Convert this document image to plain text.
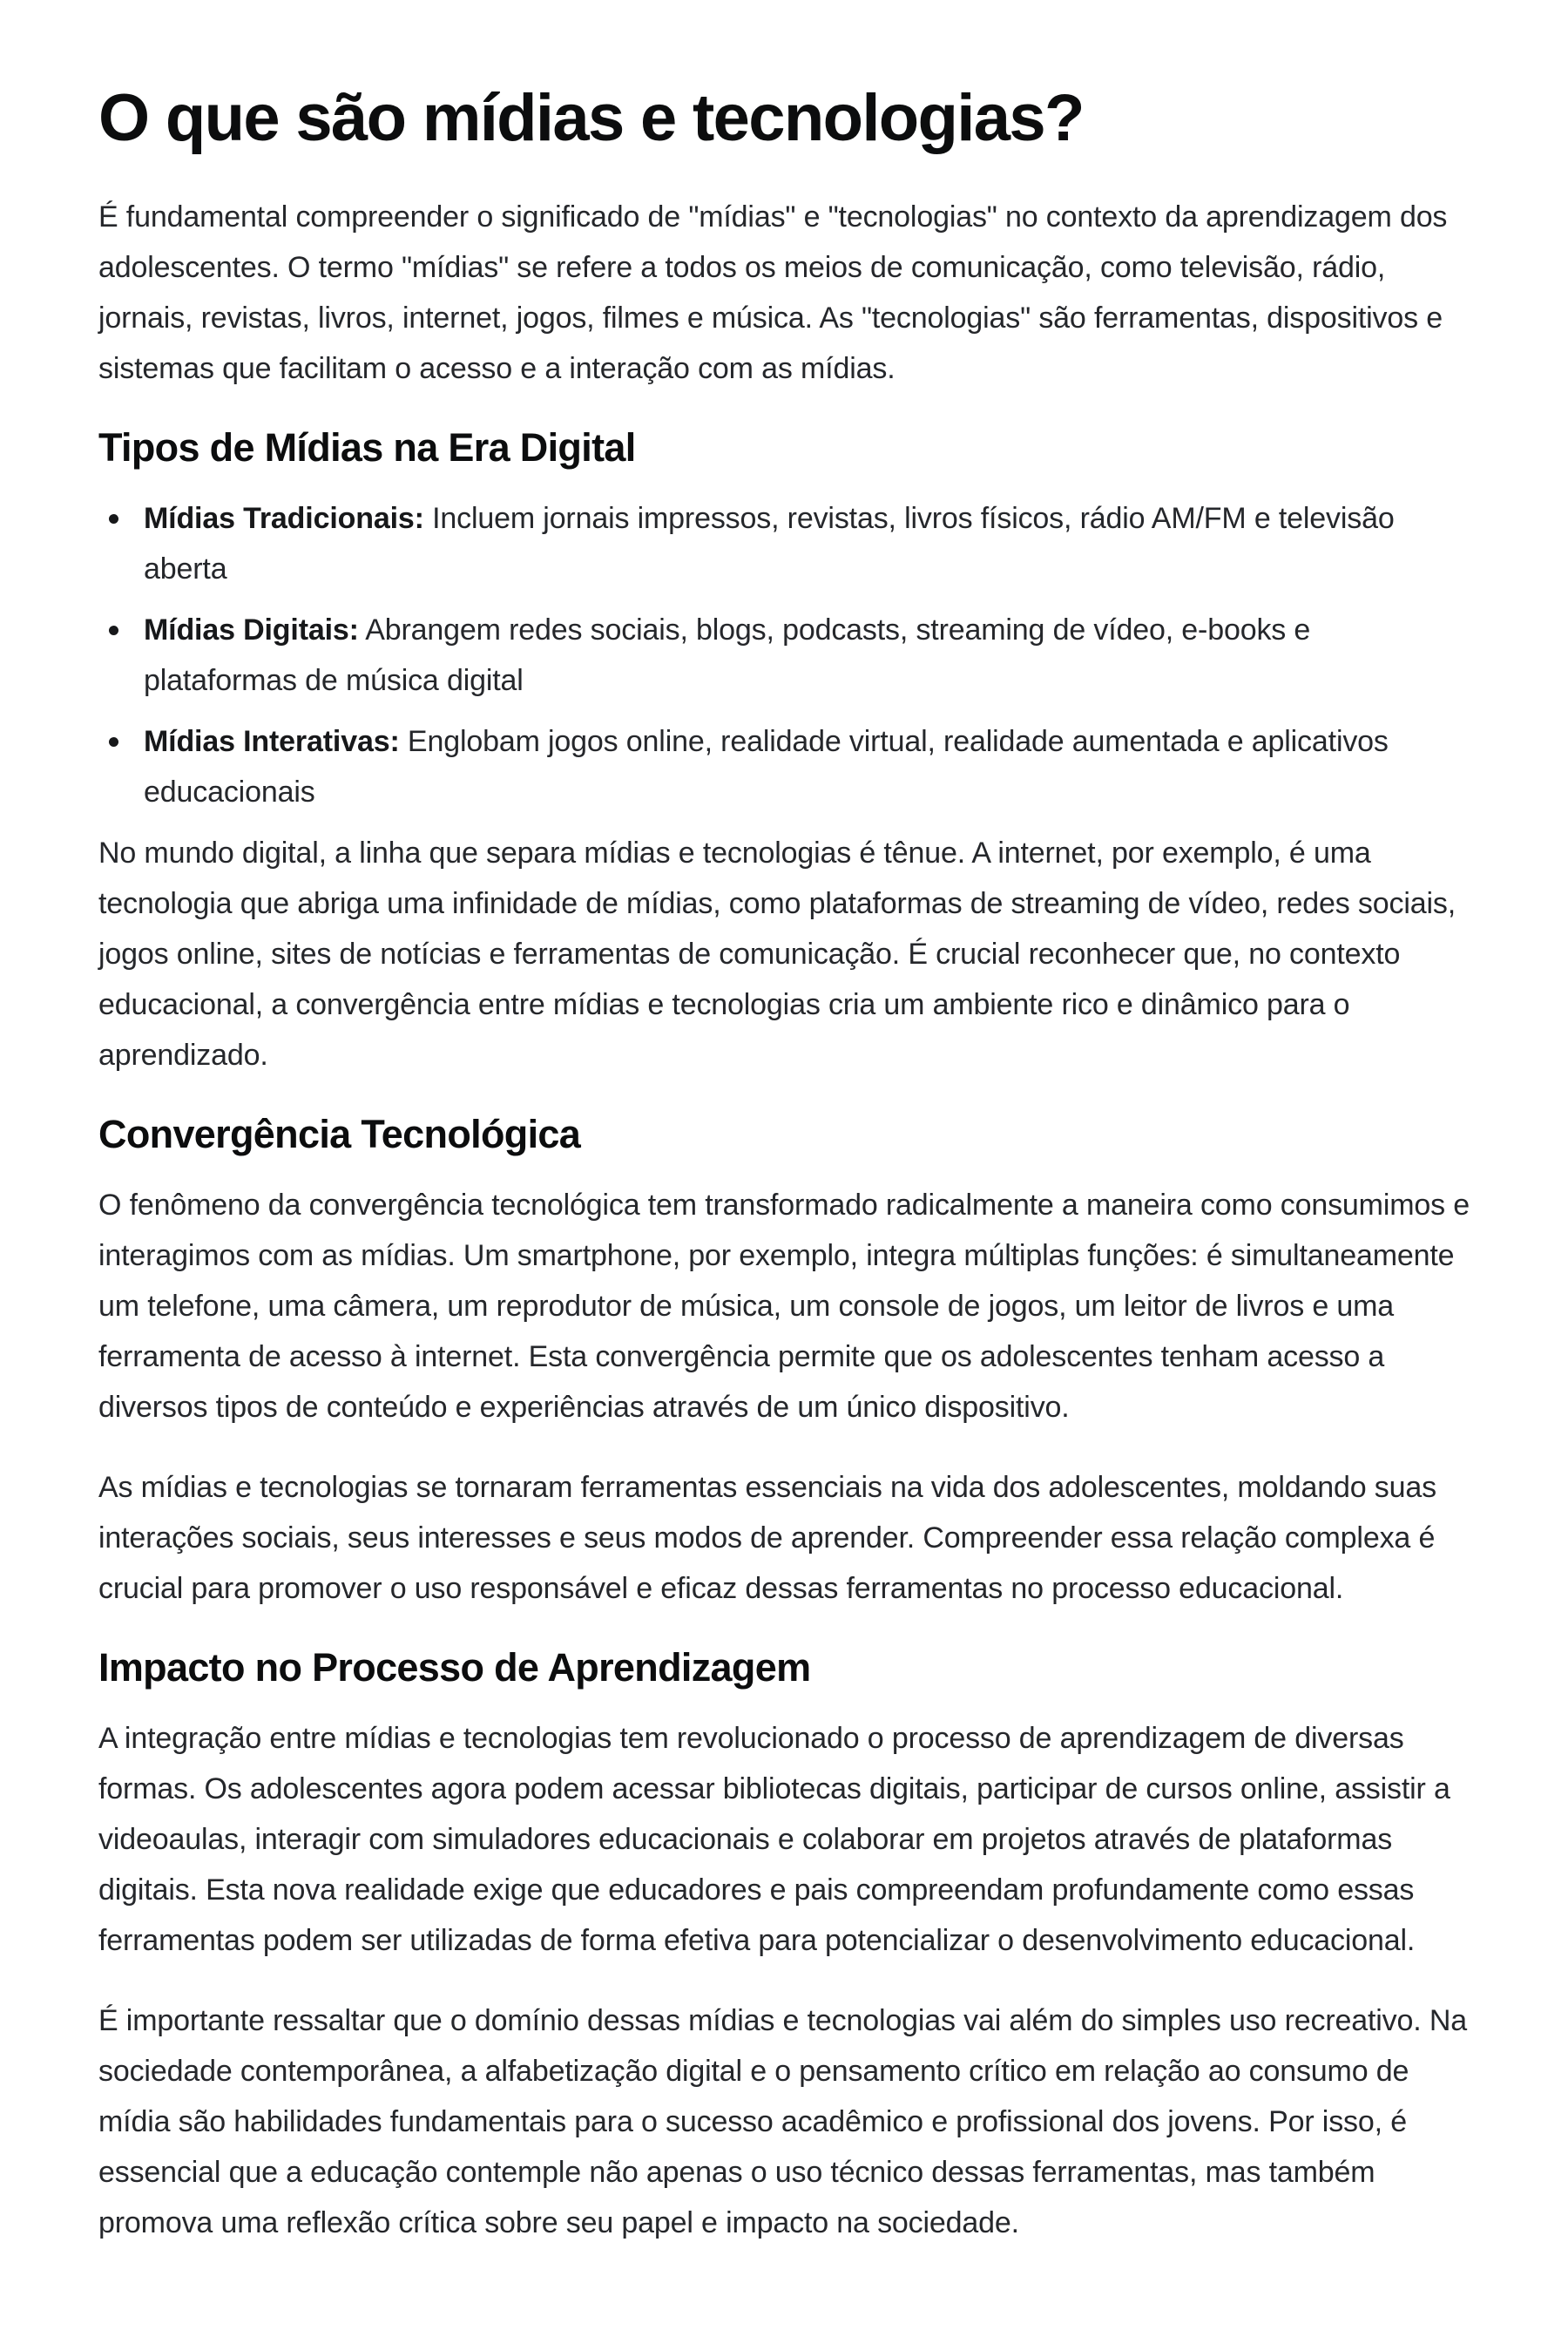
O que são mídias e tecnologias?

É fundamental compreender o significado de "mídias" e "tecnologias" no contexto da aprendizagem dos adolescentes. O termo "mídias" se refere a todos os meios de comunicação, como televisão, rádio, jornais, revistas, livros, internet, jogos, filmes e música. As "tecnologias" são ferramentas, dispositivos e sistemas que facilitam o acesso e a interação com as mídias.

Tipos de Mídias na Era Digital
Mídias Tradicionais: Incluem jornais impressos, revistas, livros físicos, rádio AM/FM e televisão aberta
Mídias Digitais: Abrangem redes sociais, blogs, podcasts, streaming de vídeo, e-books e plataformas de música digital
Mídias Interativas: Englobam jogos online, realidade virtual, realidade aumentada e aplicativos educacionais

No mundo digital, a linha que separa mídias e tecnologias é tênue. A internet, por exemplo, é uma tecnologia que abriga uma infinidade de mídias, como plataformas de streaming de vídeo, redes sociais, jogos online, sites de notícias e ferramentas de comunicação. É crucial reconhecer que, no contexto educacional, a convergência entre mídias e tecnologias cria um ambiente rico e dinâmico para o aprendizado.

Convergência Tecnológica

O fenômeno da convergência tecnológica tem transformado radicalmente a maneira como consumimos e interagimos com as mídias. Um smartphone, por exemplo, integra múltiplas funções: é simultaneamente um telefone, uma câmera, um reprodutor de música, um console de jogos, um leitor de livros e uma ferramenta de acesso à internet. Esta convergência permite que os adolescentes tenham acesso a diversos tipos de conteúdo e experiências através de um único dispositivo.

As mídias e tecnologias se tornaram ferramentas essenciais na vida dos adolescentes, moldando suas interações sociais, seus interesses e seus modos de aprender. Compreender essa relação complexa é crucial para promover o uso responsável e eficaz dessas ferramentas no processo educacional.

Impacto no Processo de Aprendizagem

A integração entre mídias e tecnologias tem revolucionado o processo de aprendizagem de diversas formas. Os adolescentes agora podem acessar bibliotecas digitais, participar de cursos online, assistir a videoaulas, interagir com simuladores educacionais e colaborar em projetos através de plataformas digitais. Esta nova realidade exige que educadores e pais compreendam profundamente como essas ferramentas podem ser utilizadas de forma efetiva para potencializar o desenvolvimento educacional.

É importante ressaltar que o domínio dessas mídias e tecnologias vai além do simples uso recreativo. Na sociedade contemporânea, a alfabetização digital e o pensamento crítico em relação ao consumo de mídia são habilidades fundamentais para o sucesso acadêmico e profissional dos jovens. Por isso, é essencial que a educação contemple não apenas o uso técnico dessas ferramentas, mas também promova uma reflexão crítica sobre seu papel e impacto na sociedade.
